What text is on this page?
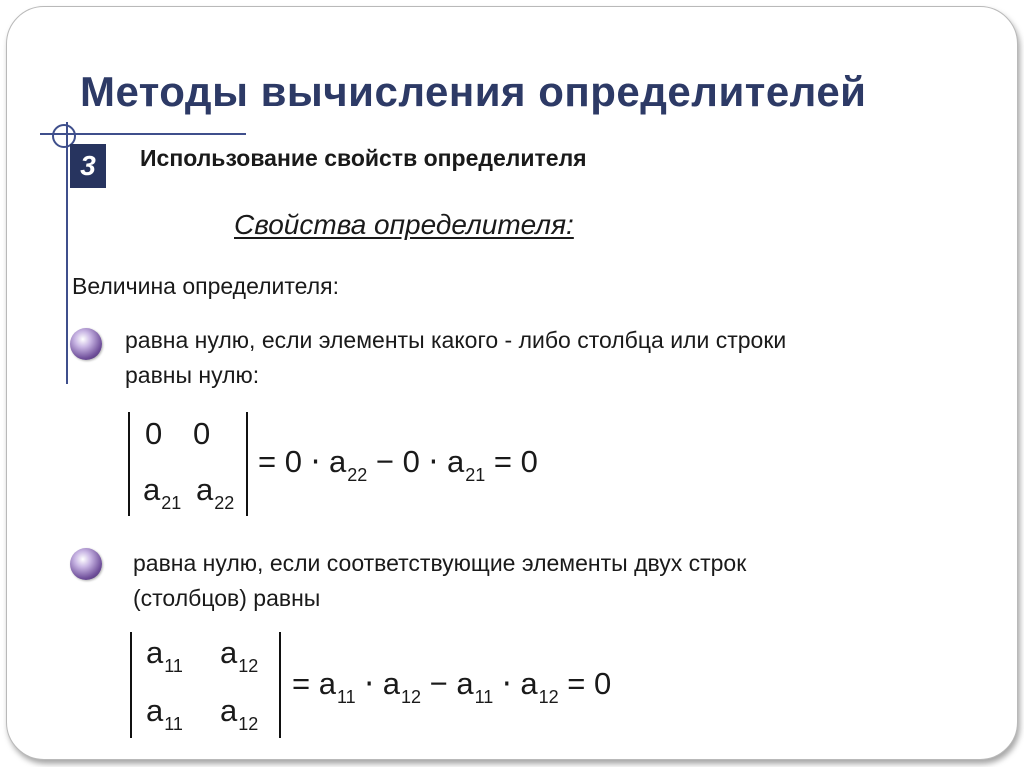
Методы вычисления определителей
3	Использование свойств определителя
Свойства определителя:
Величина определителя:
равна нулю, если элементы какого - либо столбца или строки
равны нулю:
0 0
$a_{21}$ $a_{22}$
= $0 \cdot a_{22} - 0 \cdot a_{21} = 0$
равна нулю, если соответствующие элементы двух строк
(столбцов) равны
$a_{11}$ $a_{12}$
$a_{11}$ $a_{12}$
= $a_{11} \cdot a_{12} - a_{11} \cdot a_{12} = 0$
